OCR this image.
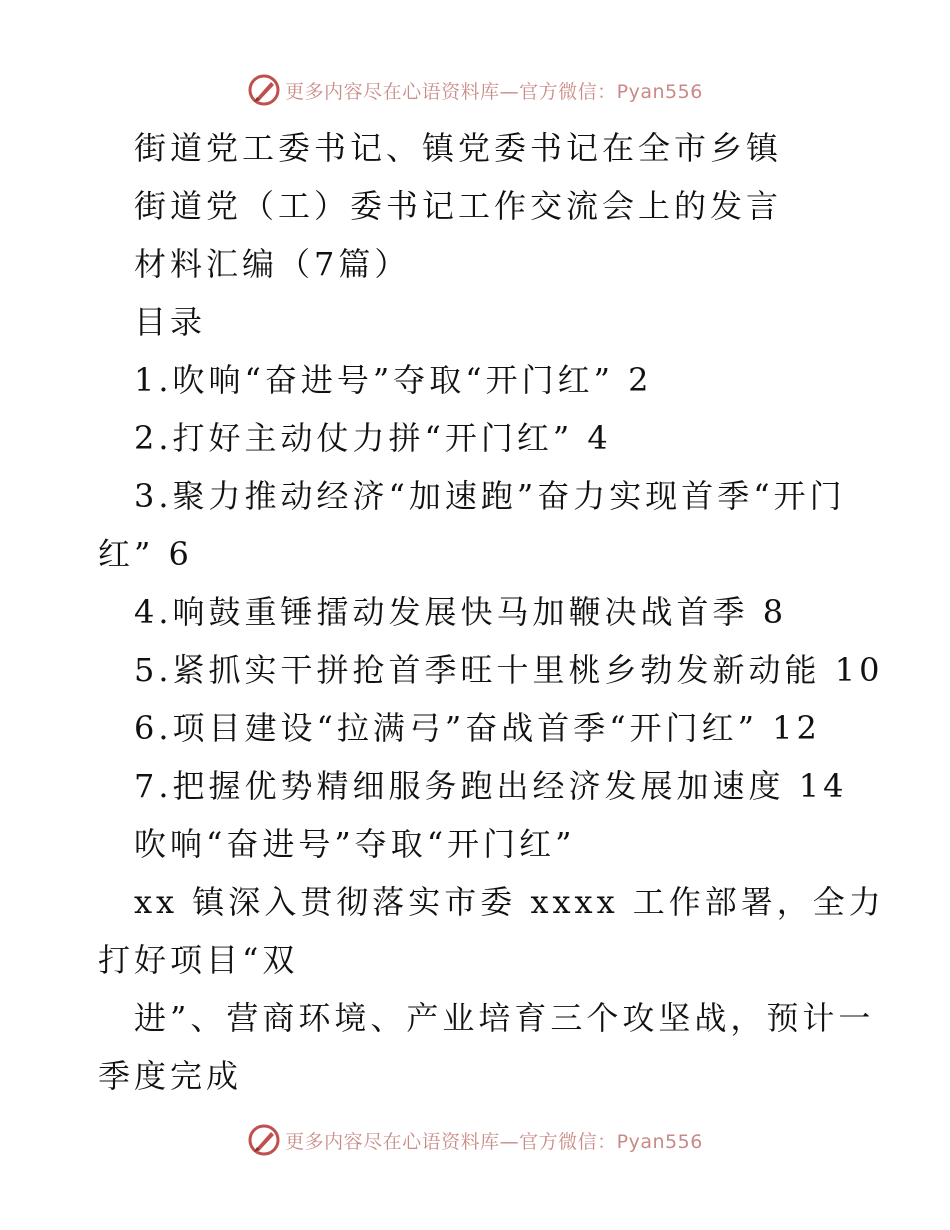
更多内容尽在心语资料库—官方微信：Pyan556
街道党工委书记、镇党委书记在全市乡镇
街道党（工）委书记工作交流会上的发言
材料汇编（7篇）
目录
1.吹响“奋进号”夺取“开门红” 2
2.打好主动仗力拼“开门红” 4
3.聚力推动经济“加速跑”奋力实现首季“开门
红” 6
4.响鼓重锤擂动发展快马加鞭决战首季 8
5.紧抓实干拼抢首季旺十里桃乡勃发新动能 10
6.项目建设“拉满弓”奋战首季“开门红” 12
7.把握优势精细服务跑出经济发展加速度 14
吹响“奋进号”夺取“开门红”
xx 镇深入贯彻落实市委 xxxx 工作部署，全力
打好项目“双
进”、营商环境、产业培育三个攻坚战，预计一
季度完成
更多内容尽在心语资料库—官方微信：Pyan556
